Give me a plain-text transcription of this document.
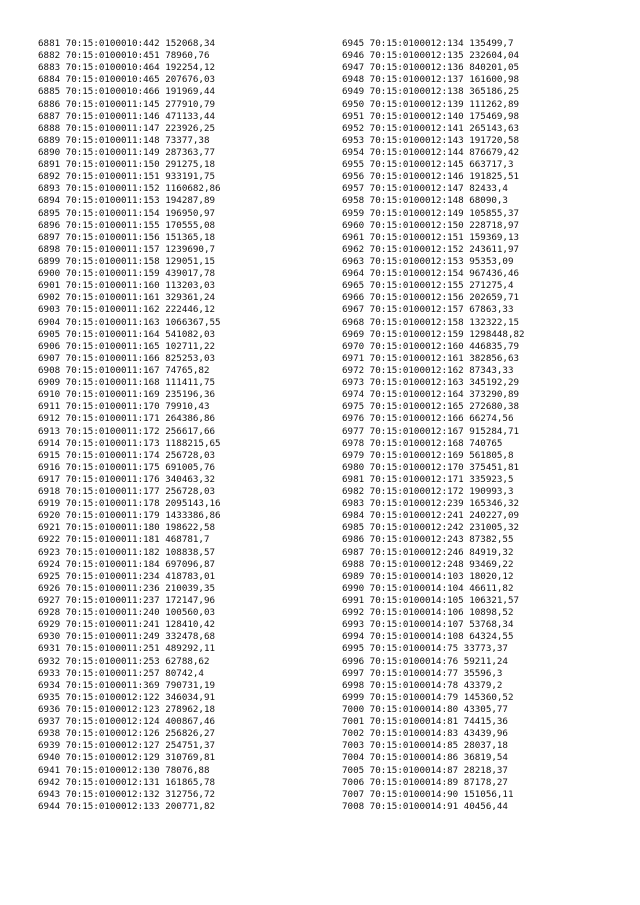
6881 70:15:0100010:442 152068,34
6882 70:15:0100010:451 78960,76
6883 70:15:0100010:464 192254,12
6884 70:15:0100010:465 207676,03
6885 70:15:0100010:466 191969,44
6886 70:15:0100011:145 277910,79
6887 70:15:0100011:146 471133,44
6888 70:15:0100011:147 223926,25
6889 70:15:0100011:148 73377,38
6890 70:15:0100011:149 287363,77
6891 70:15:0100011:150 291275,18
6892 70:15:0100011:151 933191,75
6893 70:15:0100011:152 1160682,86
6894 70:15:0100011:153 194287,89
6895 70:15:0100011:154 196950,97
6896 70:15:0100011:155 170555,08
6897 70:15:0100011:156 151365,18
6898 70:15:0100011:157 1239690,7
6899 70:15:0100011:158 129051,15
6900 70:15:0100011:159 439017,78
6901 70:15:0100011:160 113203,03
6902 70:15:0100011:161 329361,24
6903 70:15:0100011:162 222446,12
6904 70:15:0100011:163 1066367,55
6905 70:15:0100011:164 541082,03
6906 70:15:0100011:165 102711,22
6907 70:15:0100011:166 825253,03
6908 70:15:0100011:167 74765,82
6909 70:15:0100011:168 111411,75
6910 70:15:0100011:169 235196,36
6911 70:15:0100011:170 79910,43
6912 70:15:0100011:171 264386,86
6913 70:15:0100011:172 256617,66
6914 70:15:0100011:173 1188215,65
6915 70:15:0100011:174 256728,03
6916 70:15:0100011:175 691005,76
6917 70:15:0100011:176 340463,32
6918 70:15:0100011:177 256728,03
6919 70:15:0100011:178 2095143,16
6920 70:15:0100011:179 1433386,86
6921 70:15:0100011:180 198622,58
6922 70:15:0100011:181 468781,7
6923 70:15:0100011:182 108838,57
6924 70:15:0100011:184 697096,87
6925 70:15:0100011:234 418783,01
6926 70:15:0100011:236 210039,35
6927 70:15:0100011:237 172147,96
6928 70:15:0100011:240 100560,03
6929 70:15:0100011:241 128410,42
6930 70:15:0100011:249 332478,68
6931 70:15:0100011:251 489292,11
6932 70:15:0100011:253 62788,62
6933 70:15:0100011:257 80742,4
6934 70:15:0100011:369 790731,19
6935 70:15:0100012:122 346034,91
6936 70:15:0100012:123 278962,18
6937 70:15:0100012:124 400867,46
6938 70:15:0100012:126 256826,27
6939 70:15:0100012:127 254751,37
6940 70:15:0100012:129 310769,81
6941 70:15:0100012:130 78076,88
6942 70:15:0100012:131 161865,78
6943 70:15:0100012:132 312756,72
6944 70:15:0100012:133 200771,82
6945 70:15:0100012:134 135499,7
6946 70:15:0100012:135 232604,04
6947 70:15:0100012:136 840201,05
6948 70:15:0100012:137 161600,98
6949 70:15:0100012:138 365186,25
6950 70:15:0100012:139 111262,89
6951 70:15:0100012:140 175469,98
6952 70:15:0100012:141 265143,63
6953 70:15:0100012:143 191720,58
6954 70:15:0100012:144 876679,42
6955 70:15:0100012:145 663717,3
6956 70:15:0100012:146 191825,51
6957 70:15:0100012:147 82433,4
6958 70:15:0100012:148 68090,3
6959 70:15:0100012:149 105855,37
6960 70:15:0100012:150 228718,97
6961 70:15:0100012:151 159369,13
6962 70:15:0100012:152 243611,97
6963 70:15:0100012:153 95353,09
6964 70:15:0100012:154 967436,46
6965 70:15:0100012:155 271275,4
6966 70:15:0100012:156 202659,71
6967 70:15:0100012:157 67863,33
6968 70:15:0100012:158 132322,15
6969 70:15:0100012:159 1298448,82
6970 70:15:0100012:160 446835,79
6971 70:15:0100012:161 382856,63
6972 70:15:0100012:162 87343,33
6973 70:15:0100012:163 345192,29
6974 70:15:0100012:164 373290,89
6975 70:15:0100012:165 272680,38
6976 70:15:0100012:166 66274,56
6977 70:15:0100012:167 915284,71
6978 70:15:0100012:168 740765
6979 70:15:0100012:169 561805,8
6980 70:15:0100012:170 375451,81
6981 70:15:0100012:171 335923,5
6982 70:15:0100012:172 190993,3
6983 70:15:0100012:239 165346,32
6984 70:15:0100012:241 240227,09
6985 70:15:0100012:242 231005,32
6986 70:15:0100012:243 87382,55
6987 70:15:0100012:246 84919,32
6988 70:15:0100012:248 93469,22
6989 70:15:0100014:103 18020,12
6990 70:15:0100014:104 46611,82
6991 70:15:0100014:105 106321,57
6992 70:15:0100014:106 10898,52
6993 70:15:0100014:107 53768,34
6994 70:15:0100014:108 64324,55
6995 70:15:0100014:75 33773,37
6996 70:15:0100014:76 59211,24
6997 70:15:0100014:77 35596,3
6998 70:15:0100014:78 43379,2
6999 70:15:0100014:79 145360,52
7000 70:15:0100014:80 43305,77
7001 70:15:0100014:81 74415,36
7002 70:15:0100014:83 43439,96
7003 70:15:0100014:85 28037,18
7004 70:15:0100014:86 36819,54
7005 70:15:0100014:87 28218,37
7006 70:15:0100014:89 87178,27
7007 70:15:0100014:90 151056,11
7008 70:15:0100014:91 40456,44
